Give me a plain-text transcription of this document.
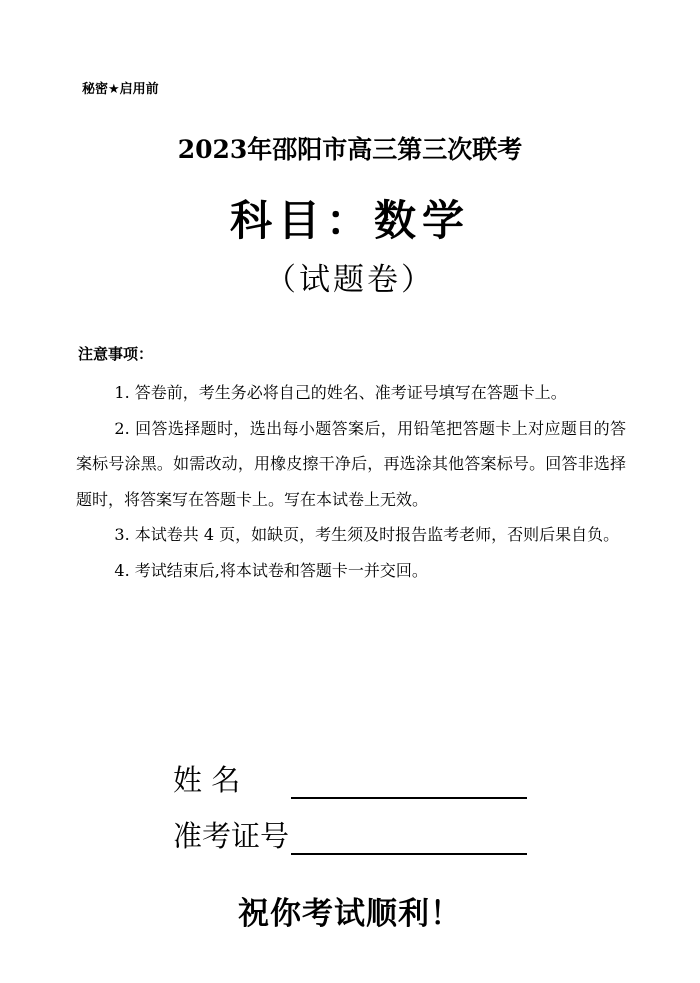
秘密★启用前
2023年邵阳市高三第三次联考
科目：数学
（试题卷）
注意事项：

1. 答卷前，考生务必将自己的姓名、准考证号填写在答题卡上。

2. 回答选择题时，选出每小题答案后，用铅笔把答题卡上对应题目的答案标号涂黑。如需改动，用橡皮擦干净后，再选涂其他答案标号。回答非选择题时，将答案写在答题卡上。写在本试卷上无效。

3. 本试卷共 4 页，如缺页，考生须及时报告监考老师，否则后果自负。

4. 考试结束后,将本试卷和答题卡一并交回。

姓 名
准考证号
祝你考试顺利！
